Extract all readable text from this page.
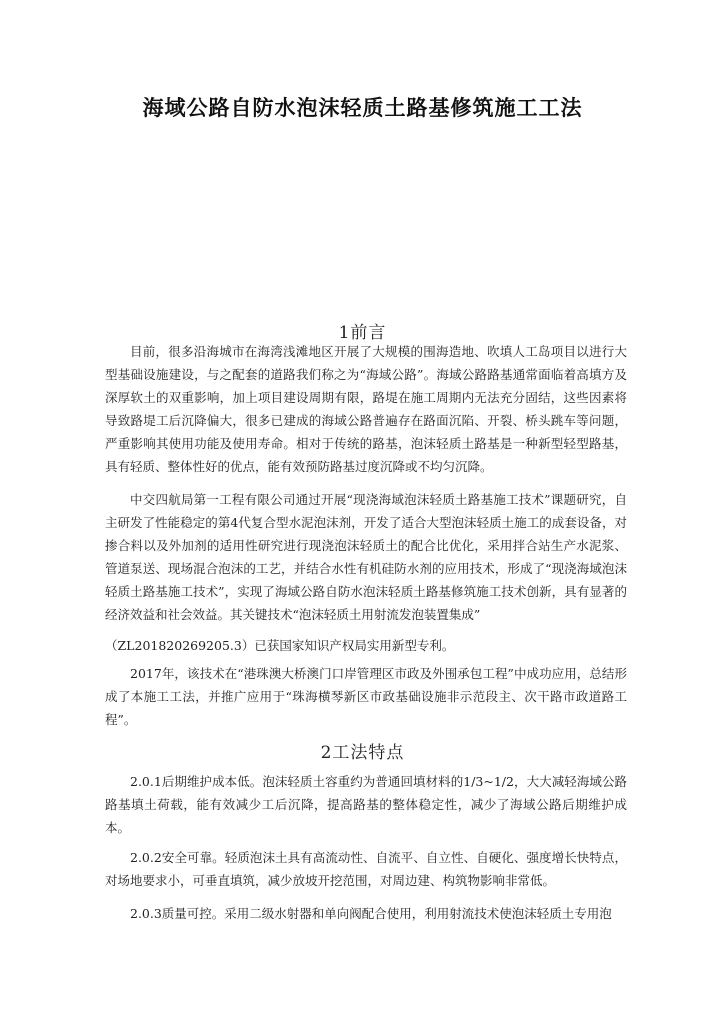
海域公路自防水泡沫轻质土路基修筑施工工法
1前言

目前，很多沿海城市在海湾浅滩地区开展了大规模的围海造地、吹填人工岛项目以进行大型基础设施建设，与之配套的道路我们称之为“海域公路”。海域公路路基通常面临着高填方及深厚软土的双重影响，加上项目建设周期有限，路堤在施工周期内无法充分固结，这些因素将导致路堤工后沉降偏大，很多已建成的海域公路普遍存在路面沉陷、开裂、桥头跳车等问题，严重影响其使用功能及使用寿命。相对于传统的路基，泡沫轻质土路基是一种新型轻型路基，具有轻质、整体性好的优点，能有效预防路基过度沉降或不均匀沉降。

中交四航局第一工程有限公司通过开展“现浇海域泡沫轻质土路基施工技术”课题研究，自主研发了性能稳定的第4代复合型水泥泡沫剂，开发了适合大型泡沫轻质土施工的成套设备，对掺合料以及外加剂的适用性研究进行现浇泡沫轻质土的配合比优化，采用拌合站生产水泥浆、管道泵送、现场混合泡沫的工艺，并结合水性有机硅防水剂的应用技术，形成了“现浇海域泡沫轻质土路基施工技术”，实现了海域公路自防水泡沫轻质土路基修筑施工技术创新，具有显著的经济效益和社会效益。其关键技术“泡沫轻质土用射流发泡装置集成”

（ZL201820269205.3）已获国家知识产权局实用新型专利。

2017年，该技术在“港珠澳大桥澳门口岸管理区市政及外围承包工程”中成功应用，总结形成了本施工工法，并推广应用于“珠海横琴新区市政基础设施非示范段主、次干路市政道路工程”。

2工法特点

2.0.1后期维护成本低。泡沫轻质土容重约为普通回填材料的1/3~1/2，大大减轻海域公路路基填土荷载，能有效减少工后沉降，提高路基的整体稳定性，减少了海域公路后期维护成本。

2.0.2安全可靠。轻质泡沫土具有高流动性、自流平、自立性、自硬化、强度增长快特点，对场地要求小，可垂直填筑，减少放坡开挖范围，对周边建、构筑物影响非常低。

2.0.3质量可控。采用二级水射器和单向阀配合使用，利用射流技术使泡沫轻质土专用泡
